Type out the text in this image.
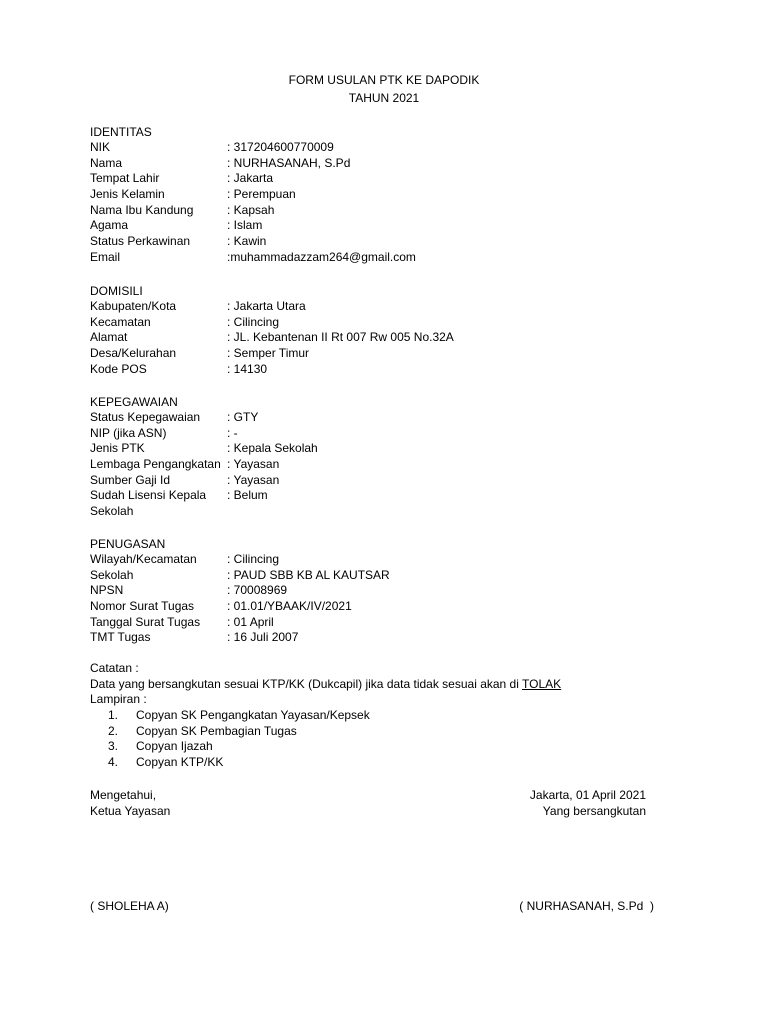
FORM USULAN PTK KE DAPODIK
TAHUN 2021
IDENTITAS
NIK	: 317204600770009
Nama	: NURHASANAH, S.Pd
Tempat Lahir	: Jakarta
Jenis Kelamin	: Perempuan
Nama Ibu Kandung	: Kapsah
Agama	: Islam
Status Perkawinan	: Kawin
Email	:muhammadazzam264@gmail.com
DOMISILI
Kabupaten/Kota	: Jakarta Utara
Kecamatan	: Cilincing
Alamat	: JL. Kebantenan II Rt 007 Rw 005 No.32A
Desa/Kelurahan	: Semper Timur
Kode POS	: 14130
KEPEGAWAIAN
Status Kepegawaian	: GTY
NIP (jika ASN)	: -
Jenis PTK	: Kepala Sekolah
Lembaga Pengangkatan : Yayasan
Sumber Gaji Id	: Yayasan
Sudah Lisensi Kepala Sekolah
: Belum
PENUGASAN
Wilayah/Kecamatan	: Cilincing
Sekolah	: PAUD SBB KB AL KAUTSAR
NPSN	: 70008969
Nomor Surat Tugas	: 01.01/YBAAK/IV/2021
Tanggal Surat Tugas	: 01 April
TMT Tugas	: 16 Juli 2007
Catatan :
Data yang bersangkutan sesuai KTP/KK (Dukcapil) jika data tidak sesuai akan di TOLAK
Lampiran :
1. Copyan SK Pengangkatan Yayasan/Kepsek
2. Copyan SK Pembagian Tugas
3. Copyan Ijazah
4. Copyan KTP/KK
Mengetahui,
Ketua Yayasan
Jakarta, 01 April 2021
Yang bersangkutan
( SHOLEHA A)	( NURHASANAH, S.Pd  )
